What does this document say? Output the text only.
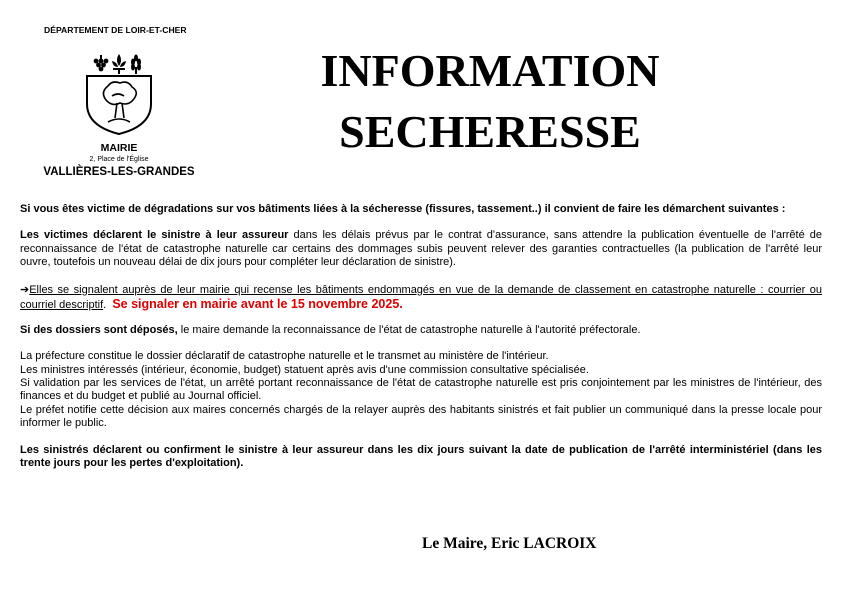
DÉPARTEMENT DE LOIR-ET-CHER
MAIRIE
2, Place de l'Église
VALLIÈRES-LES-GRANDES
INFORMATION
SECHERESSE

Si vous êtes victime de dégradations sur vos bâtiments liées à la sécheresse (fissures, tassement..) il convient de faire les démarchent suivantes :

Les victimes déclarent le sinistre à leur assureur dans les délais prévus par le contrat d'assurance, sans attendre la publication éventuelle de l'arrêté de reconnaissance de l'état de catastrophe naturelle car certains des dommages subis peuvent relever des garanties contractuelles (la publication de l'arrêté leur ouvre, toutefois un nouveau délai de dix jours pour compléter leur déclaration de sinistre).

➔Elles se signalent auprès de leur mairie qui recense les bâtiments endommagés en vue de la demande de classement en catastrophe naturelle : courrier ou courriel descriptif. Se signaler en mairie avant le 15 novembre 2025.

Si des dossiers sont déposés, le maire demande la reconnaissance de l'état de catastrophe naturelle à l'autorité préfectorale.

La préfecture constitue le dossier déclaratif de catastrophe naturelle et le transmet au ministère de l'intérieur.

Les ministres intéressés (intérieur, économie, budget) statuent après avis d'une commission consultative spécialisée.

Si validation par les services de l'état, un arrêté portant reconnaissance de l'état de catastrophe naturelle est pris conjointement par les ministres de l'intérieur, des finances et du budget et publié au Journal officiel.

Le préfet notifie cette décision aux maires concernés chargés de la relayer auprès des habitants sinistrés et fait publier un communiqué dans la presse locale pour informer le public.

Les sinistrés déclarent ou confirment le sinistre à leur assureur dans les dix jours suivant la date de publication de l'arrêté interministériel (dans les trente jours pour les pertes d'exploitation).

Le Maire, Eric LACROIX
